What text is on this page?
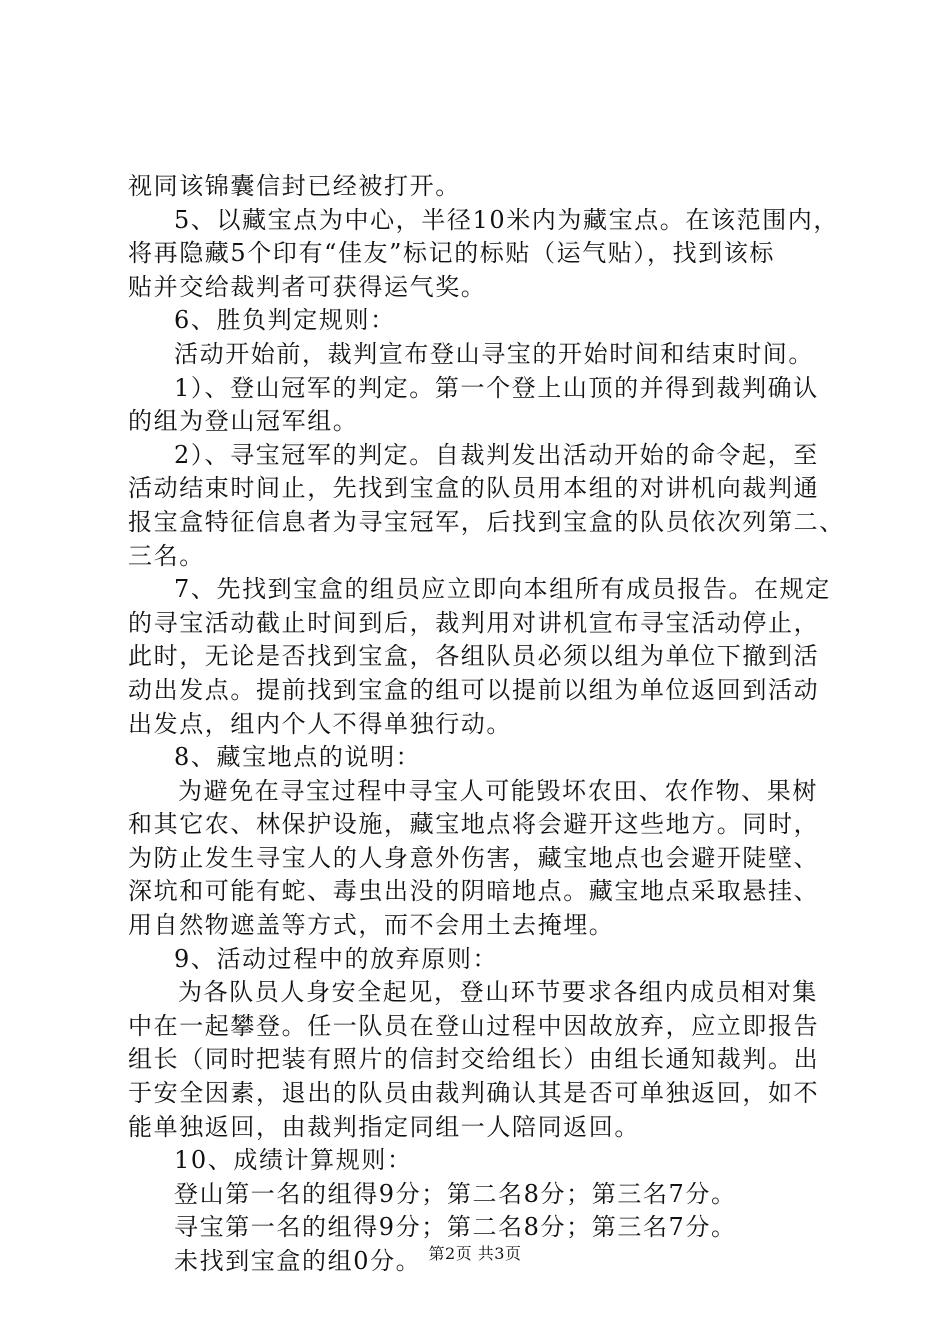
视同该锦囊信封已经被打开。
5、以藏宝点为中心，半径10米内为藏宝点。在该范围内，
将再隐藏5个印有“佳友”标记的标贴（运气贴），找到该标
贴并交给裁判者可获得运气奖。
6、胜负判定规则：
活动开始前，裁判宣布登山寻宝的开始时间和结束时间。
1）、登山冠军的判定。第一个登上山顶的并得到裁判确认
的组为登山冠军组。
2）、寻宝冠军的判定。自裁判发出活动开始的命令起，至
活动结束时间止，先找到宝盒的队员用本组的对讲机向裁判通
报宝盒特征信息者为寻宝冠军，后找到宝盒的队员依次列第二、
三名。
7、先找到宝盒的组员应立即向本组所有成员报告。在规定
的寻宝活动截止时间到后，裁判用对讲机宣布寻宝活动停止，
此时，无论是否找到宝盒，各组队员必须以组为单位下撤到活
动出发点。提前找到宝盒的组可以提前以组为单位返回到活动
出发点，组内个人不得单独行动。
8、藏宝地点的说明：
为避免在寻宝过程中寻宝人可能毁坏农田、农作物、果树
和其它农、林保护设施，藏宝地点将会避开这些地方。同时，
为防止发生寻宝人的人身意外伤害，藏宝地点也会避开陡壁、
深坑和可能有蛇、毒虫出没的阴暗地点。藏宝地点采取悬挂、
用自然物遮盖等方式，而不会用土去掩埋。
9、活动过程中的放弃原则：
为各队员人身安全起见，登山环节要求各组内成员相对集
中在一起攀登。任一队员在登山过程中因故放弃，应立即报告
组长（同时把装有照片的信封交给组长）由组长通知裁判。出
于安全因素，退出的队员由裁判确认其是否可单独返回，如不
能单独返回，由裁判指定同组一人陪同返回。
10、成绩计算规则：
登山第一名的组得9分；第二名8分；第三名7分。
寻宝第一名的组得9分；第二名8分；第三名7分。
未找到宝盒的组0分。 第2页 共3页
